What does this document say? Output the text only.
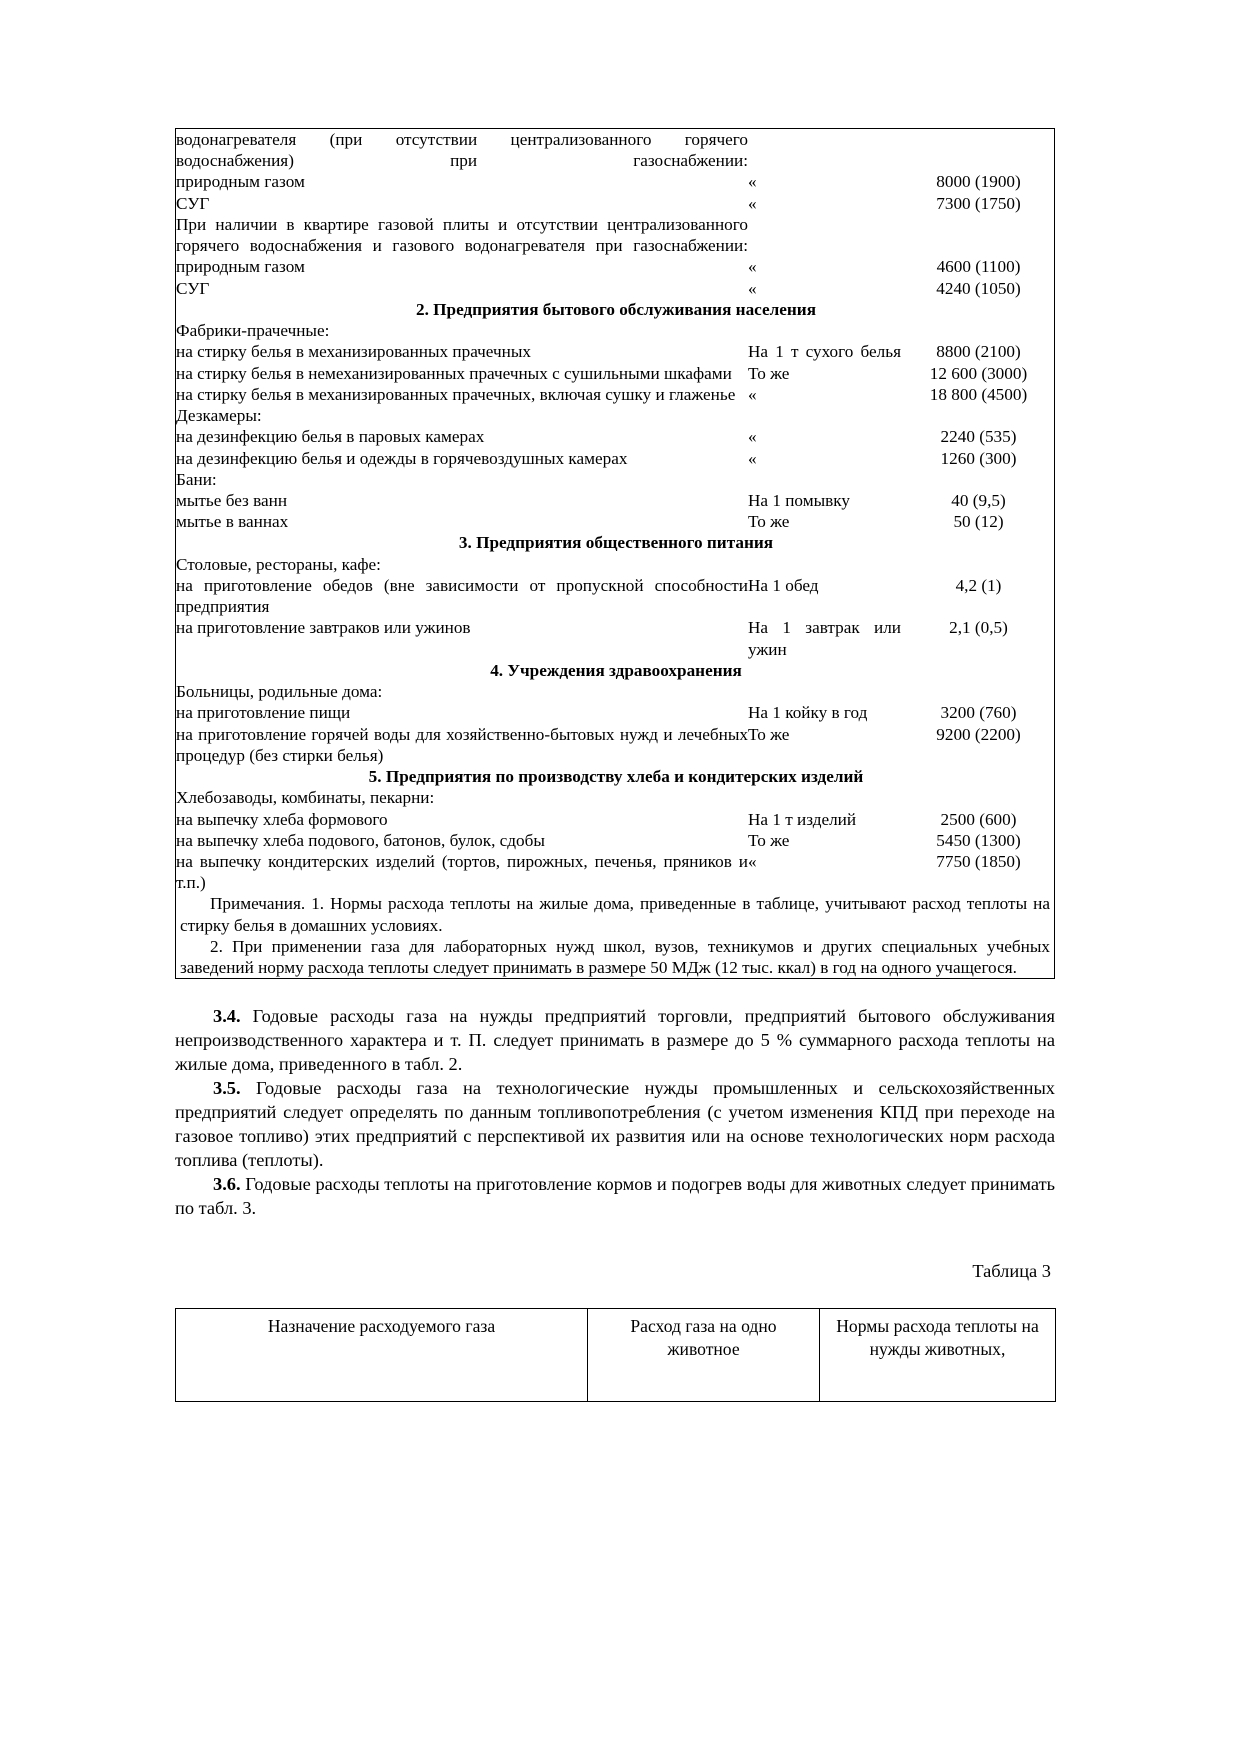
водонагревателя (при отсутствии централизованного горячего водоснабжения) при газоснабжении:		
природным газом	«	8000 (1900)
СУГ	«	7300 (1750)
При наличии в квартире газовой плиты и отсутствии централизованного горячего водоснабжения и газового водонагревателя при газоснабжении:		
природным газом	«	4600 (1100)
СУГ	«	4240 (1050)
2. Предприятия бытового обслуживания населения		
Фабрики-прачечные:		
на стирку белья в механизированных прачечных	На 1 т сухого белья	8800 (2100)
на стирку белья в немеханизированных прачечных с сушильными шкафами	То же	12 600 (3000)
на стирку белья в механизированных прачечных, включая сушку и глаженье	«	18 800 (4500)
Дезкамеры:		
на дезинфекцию белья в паровых камерах	«	2240 (535)
на дезинфекцию белья и одежды в горячевоздушных камерах	«	1260 (300)
Бани:		
мытье без ванн	На 1 помывку	40 (9,5)
мытье в ваннах	То же	50 (12)
3. Предприятия общественного питания		
Столовые, рестораны, кафе:		
на приготовление обедов (вне зависимости от пропускной способности предприятия	На 1 обед	4,2 (1)
на приготовление завтраков или ужинов	На 1 завтрак или ужин	2,1 (0,5)
4. Учреждения здравоохранения		
Больницы, родильные дома:		
на приготовление пищи	На 1 койку в год	3200 (760)
на приготовление горячей воды для хозяйственно-бытовых нужд и лечебных процедур (без стирки белья)	То же	9200 (2200)
5. Предприятия по производству хлеба и кондитерских изделий		
Хлебозаводы, комбинаты, пекарни:		
на выпечку хлеба формового	На 1 т изделий	2500 (600)
на выпечку хлеба подового, батонов, булок, сдобы	То же	5450 (1300)
на выпечку кондитерских изделий (тортов, пирожных, печенья, пряников и т.п.)	«	7750 (1850)
Примечания. 1. Нормы расхода теплоты на жилые дома, приведенные в таблице, учитывают расход теплоты на стирку белья в домашних условиях.
2. При применении газа для лабораторных нужд школ, вузов, техникумов и других специальных учебных заведений норму расхода теплоты следует принимать в размере 50 МДж (12 тыс. ккал) в год на одного учащегося.

3.4. Годовые расходы газа на нужды предприятий торговли, предприятий бытового обслуживания непроизводственного характера и т. П. следует принимать в размере до 5 % суммарного расхода теплоты на жилые дома, приведенного в табл. 2.

3.5. Годовые расходы газа на технологические нужды промышленных и сельскохозяйственных предприятий следует определять по данным топливопотребления (с учетом изменения КПД при переходе на газовое топливо) этих предприятий с перспективой их развития или на основе технологических норм расхода топлива (теплоты).

3.6. Годовые расходы теплоты на приготовление кормов и подогрев воды для животных следует принимать по табл. 3.

Таблица 3
Назначение расходуемого газа	Расход газа на одно животное	Нормы расхода теплоты на нужды животных,
